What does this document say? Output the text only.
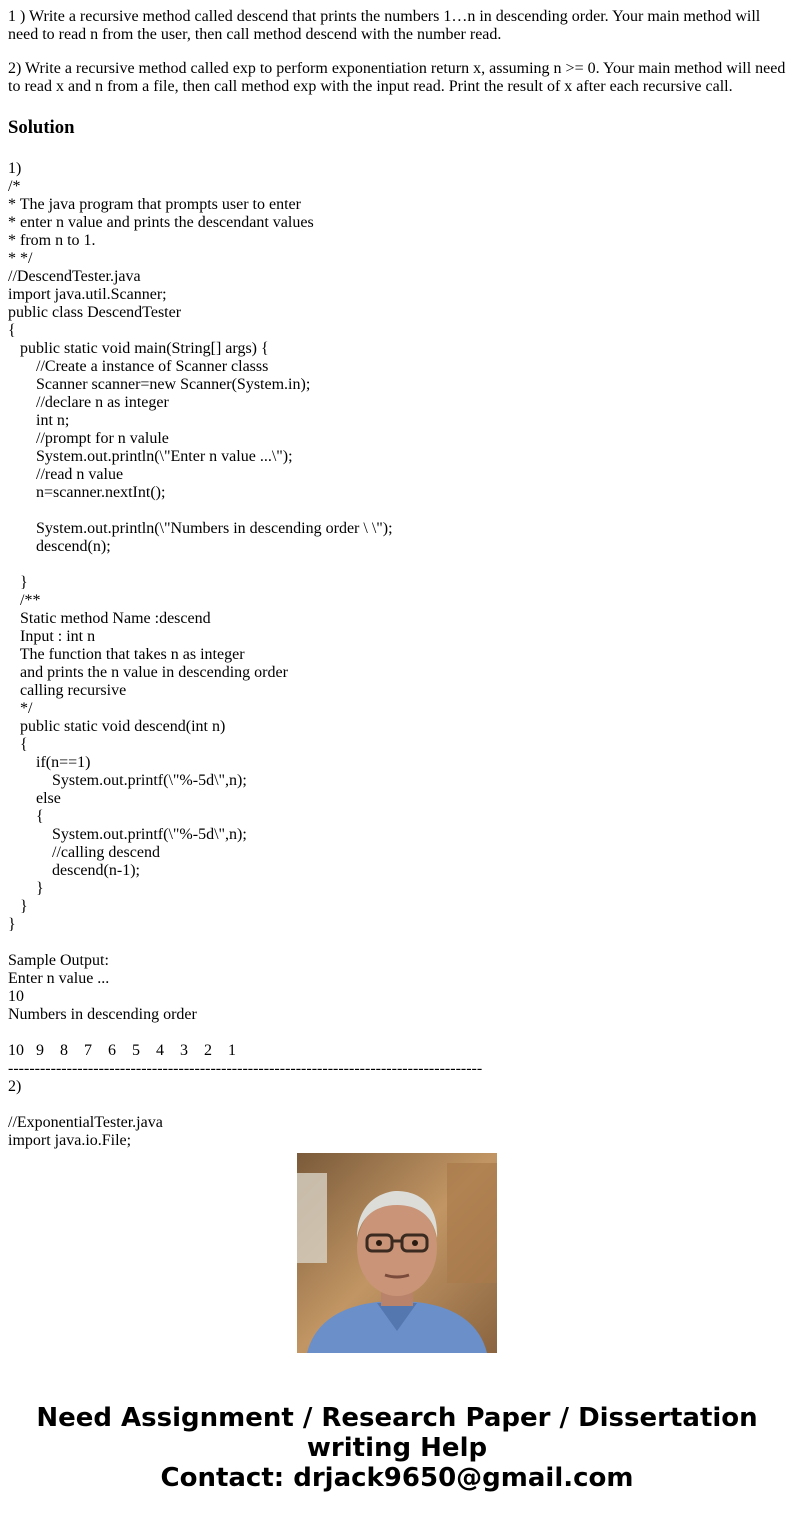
1 ) Write a recursive method called descend that prints the numbers 1…n in descending order. Your main method will need to read n from the user, then call method descend with the number read.

2) Write a recursive method called exp to perform exponentiation return x, assuming n >= 0. Your main method will need to read x and n from a file, then call method exp with the input read. Print the result of x after each recursive call.

Solution
1)
/*
* The java program that prompts user to enter
* enter n value and prints the descendant values
* from n to 1.
* */
//DescendTester.java
import java.util.Scanner;
public class DescendTester
{
public static void main(String[] args) {
//Create a instance of Scanner classs
Scanner scanner=new Scanner(System.in);
//declare n as integer
int n;
//prompt for n valule
System.out.println(\"Enter n value ...\");
//read n value
n=scanner.nextInt();

System.out.println(\"Numbers in descending order \ \");
descend(n);

}
/**
Static method Name :descend
Input : int n
The function that takes n as integer
and prints the n value in descending order
calling recursive
*/
public static void descend(int n)
{
if(n==1)
System.out.printf(\"%-5d\",n);
else
{
System.out.printf(\"%-5d\",n);
//calling descend
descend(n-1);
}
}
}

Sample Output:
Enter n value ...
10
Numbers in descending order

10   9    8    7    6    5    4    3    2    1
-----------------------------------------------------------------------------------------
2)

//ExponentialTester.java
import java.io.File;
Need Assignment / Research Paper / Dissertation
writing Help
Contact: drjack9650@gmail.com
